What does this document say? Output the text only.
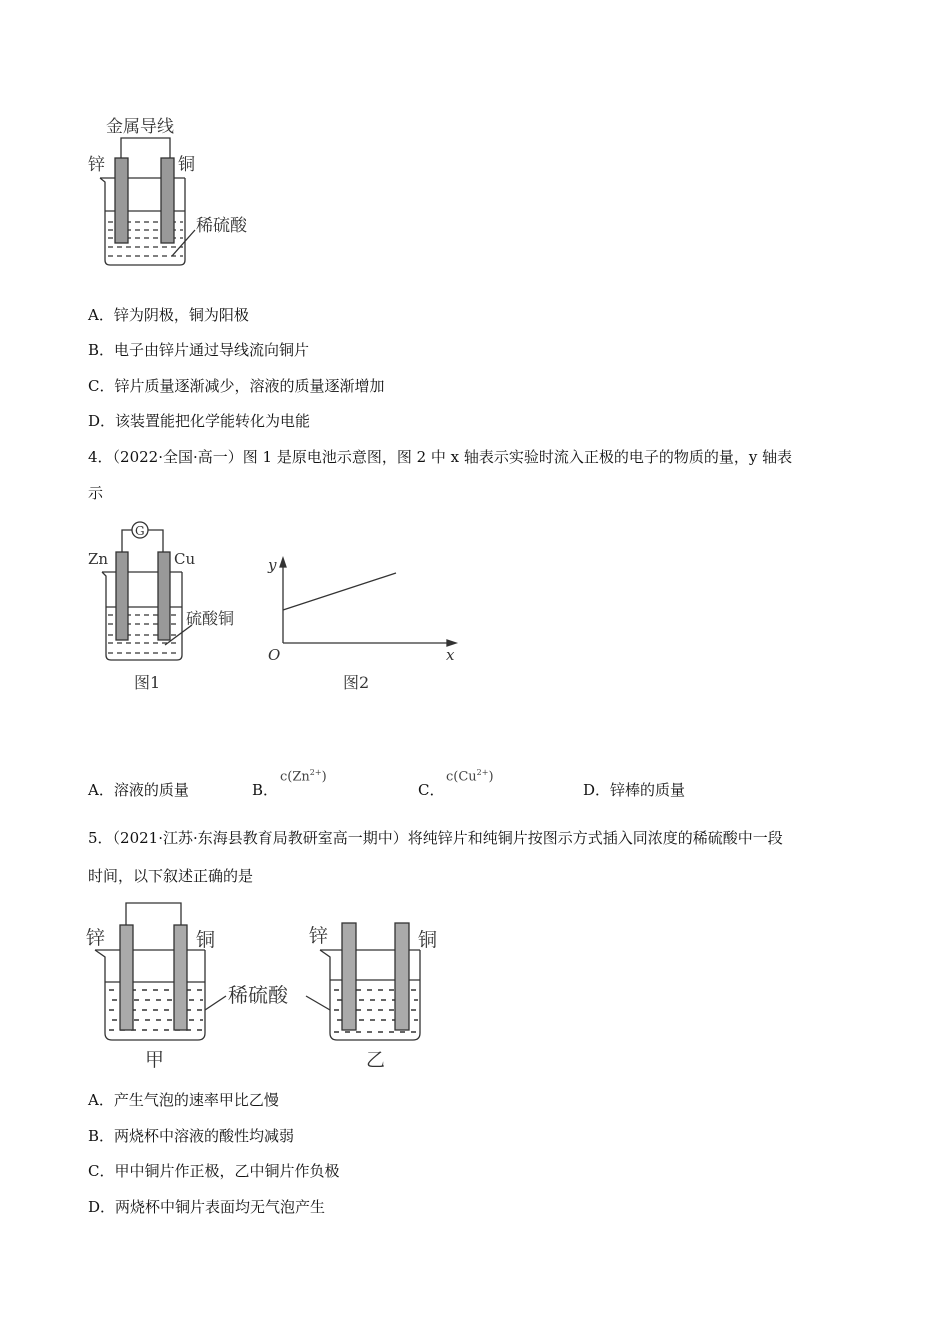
金属导线
锌	铜
稀硫酸
G
Zn	Cu
硫酸铜
图1
y
O	x
图2
锌	铜
稀硫酸
甲
锌	铜
乙
A．锌为阴极，铜为阳极
B．电子由锌片通过导线流向铜片
C．锌片质量逐渐减少，溶液的质量逐渐增加
D．该装置能把化学能转化为电能
4．（2022·全国·高一）图 1 是原电池示意图，图 2 中 x 轴表示实验时流入正极的电子的物质的量，y 轴表
示
A．溶液的质量	B．
$c(Zn^{2+})$
C．
$c(Cu^{2+})$
D．锌棒的质量
5．（2021·江苏·东海县教育局教研室高一期中）将纯锌片和纯铜片按图示方式插入同浓度的稀硫酸中一段
时间，以下叙述正确的是
A．产生气泡的速率甲比乙慢
B．两烧杯中溶液的酸性均减弱
C．甲中铜片作正极，乙中铜片作负极
D．两烧杯中铜片表面均无气泡产生
